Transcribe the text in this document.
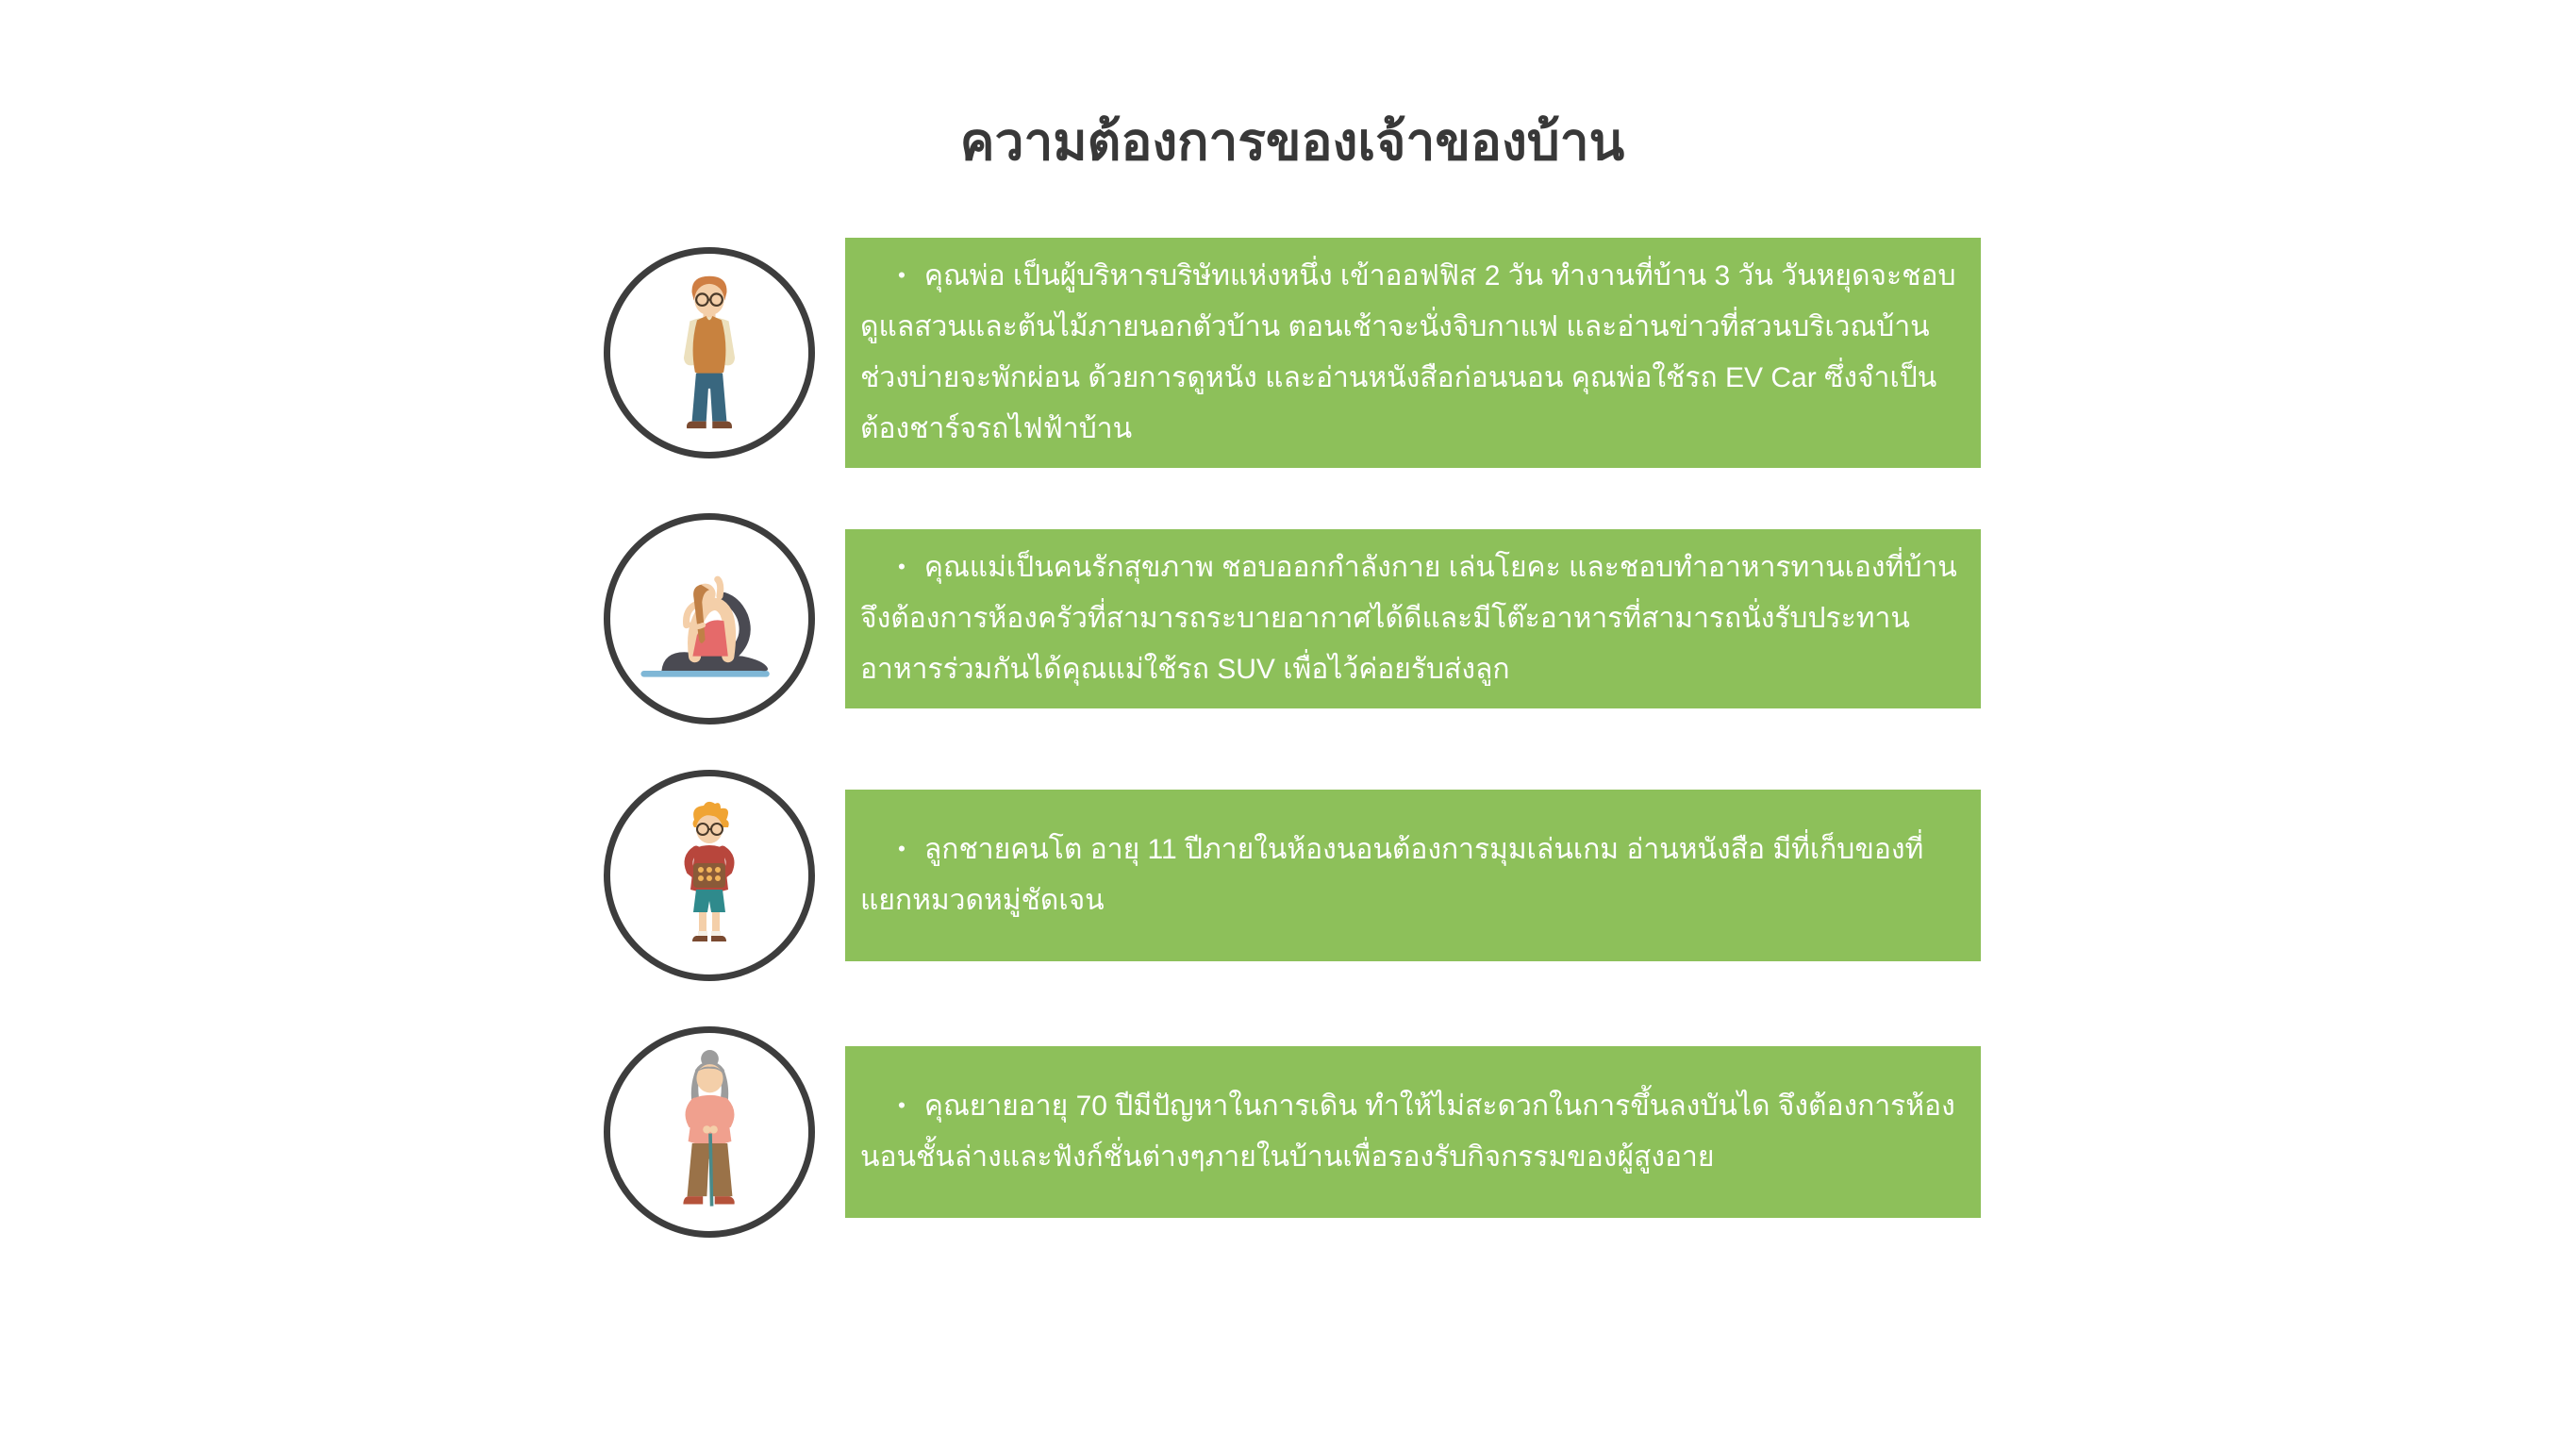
ความต้องการของเจ้าของบ้าน

• คุณพ่อ เป็นผู้บริหารบริษัทแห่งหนึ่ง เข้าออฟฟิส 2 วัน ทำงานที่บ้าน 3 วัน วันหยุดจะชอบดูแลสวนและต้นไม้ภายนอกตัวบ้าน ตอนเช้าจะนั่งจิบกาแฟ และอ่านข่าวที่สวนบริเวณบ้าน ช่วงบ่ายจะพักผ่อน ด้วยการดูหนัง และอ่านหนังสือก่อนนอน คุณพ่อใช้รถ EV Car ซึ่งจำเป็นต้องชาร์จรถไฟฟ้าบ้าน

• คุณแม่เป็นคนรักสุขภาพ ชอบออกกำลังกาย เล่นโยคะ และชอบทำอาหารทานเองที่บ้าน จึงต้องการห้องครัวที่สามารถระบายอากาศได้ดีและมีโต๊ะอาหารที่สามารถนั่งรับประทานอาหารร่วมกันได้คุณแม่ใช้รถ SUV เพื่อไว้ค่อยรับส่งลูก

• ลูกชายคนโต อายุ 11 ปีภายในห้องนอนต้องการมุมเล่นเกม อ่านหนังสือ มีที่เก็บของที่แยกหมวดหมู่ชัดเจน

• คุณยายอายุ 70 ปีมีปัญหาในการเดิน ทำให้ไม่สะดวกในการขึ้นลงบันได จึงต้องการห้องนอนชั้นล่างและฟังก์ชั่นต่างๆภายในบ้านเพื่อรองรับกิจกรรมของผู้สูงอาย
